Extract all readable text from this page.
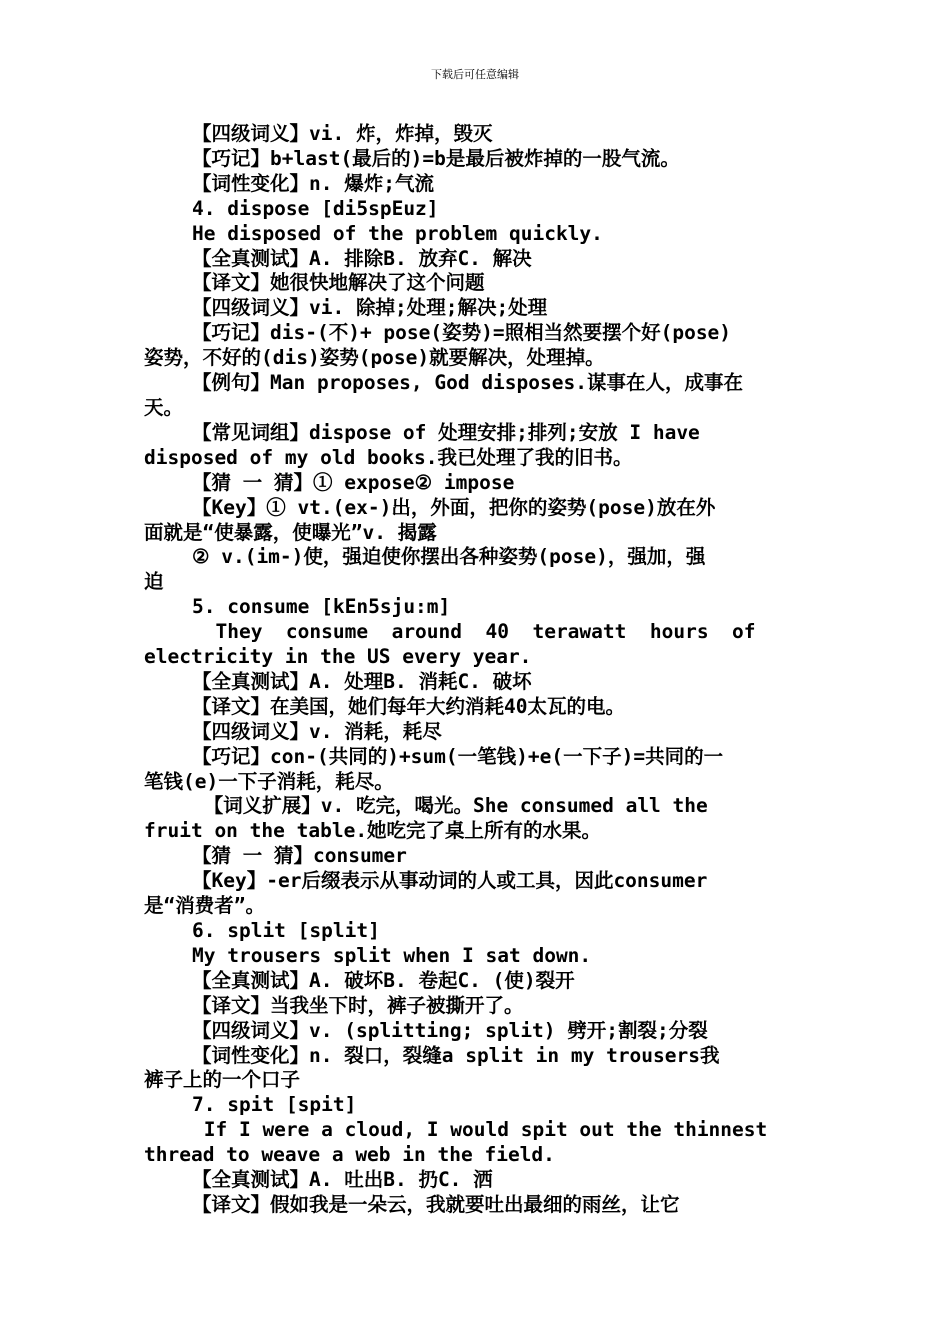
下载后可任意编辑

【四级词义】vi. 炸，炸掉，毁灭

【巧记】b+last(最后的)=b是最后被炸掉的一股气流。

【词性变化】n. 爆炸;气流

4. dispose [di5spEuz]

He disposed of the problem quickly.

【全真测试】A. 排除B. 放弃C. 解决

【译文】她很快地解决了这个问题

【四级词义】vi. 除掉;处理;解决;处理

【巧记】dis-(不)+ pose(姿势)=照相当然要摆个好(pose)

姿势，不好的(dis)姿势(pose)就要解决，处理掉。

【例句】Man proposes, God disposes.谋事在人，成事在

天。

【常见词组】dispose of 处理安排;排列;安放 I have

disposed of my old books.我已处理了我的旧书。

【猜 一 猜】① expose② impose

【Key】① vt.(ex-)出，外面，把你的姿势(pose)放在外

面就是“使暴露，使曝光”v. 揭露

② v.(im-)使，强迫使你摆出各种姿势(pose)，强加，强

迫

5. consume [kEn5sju:m]

They  consume  around  40  terawatt  hours  of

electricity in the US every year.

【全真测试】A. 处理B. 消耗C. 破坏

【译文】在美国，她们每年大约消耗40太瓦的电。

【四级词义】v. 消耗，耗尽

【巧记】con-(共同的)+sum(一笔钱)+e(一下子)=共同的一

笔钱(e)一下子消耗，耗尽。

【词义扩展】v. 吃完，喝光。She consumed all the

fruit on the table.她吃完了桌上所有的水果。

【猜 一 猜】consumer

【Key】-er后缀表示从事动词的人或工具，因此consumer

是“消费者”。

6. split [split]

My trousers split when I sat down.

【全真测试】A. 破坏B. 卷起C. (使)裂开

【译文】当我坐下时，裤子被撕开了。

【四级词义】v. (splitting; split) 劈开;割裂;分裂

【词性变化】n. 裂口，裂缝a split in my trousers我

裤子上的一个口子

7. spit [spit]

If I were a cloud, I would spit out the thinnest

thread to weave a web in the field.

【全真测试】A. 吐出B. 扔C. 洒

【译文】假如我是一朵云，我就要吐出最细的雨丝，让它
